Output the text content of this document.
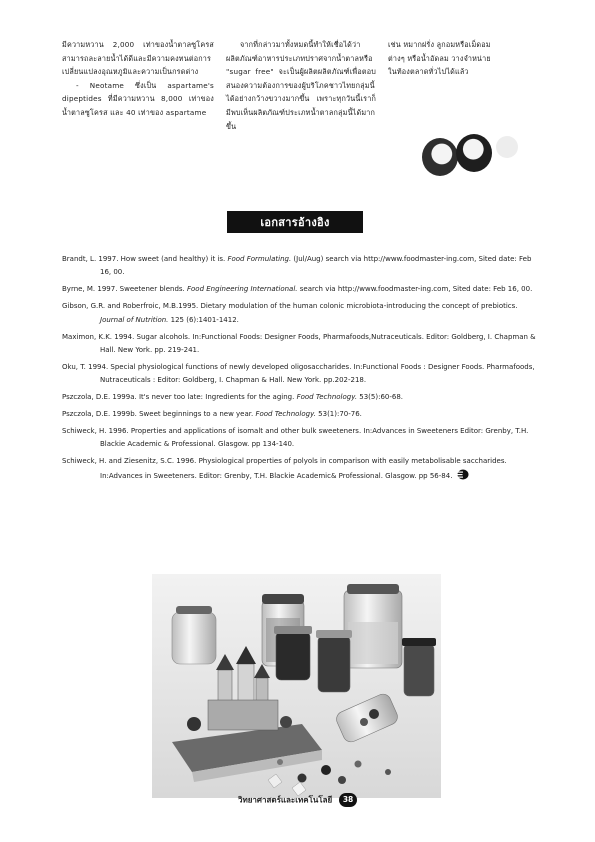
มีความหวาน 2,000 เท่าของน้ำตาลซูโครส สามารถละลายน้ำได้ดีและมีความคงทนต่อการเปลี่ยนแปลงอุณหภูมิและความเป็นกรดด่าง

- Neotame ซึ่งเป็น aspartame's dipeptides ที่มีความหวาน 8,000 เท่าของน้ำตาลซูโครส และ 40 เท่าของ aspartame

จากที่กล่าวมาทั้งหมดนี้ทำให้เชื่อได้ว่า ผลิตภัณฑ์อาหารประเภทปราศจากน้ำตาลหรือ "sugar free" จะเป็นผู้ผลิตผลิตภัณฑ์เพื่อตอบสนองความต้องการของผู้บริโภคชาวไทยกลุ่มนี้ได้อย่างกว้างขวางมากขึ้น เพราะทุกวันนี้เราก็มีพบเห็นผลิตภัณฑ์ประเภทน้ำตาลกลุ่มนี้ได้มากขึ้น

เช่น หมากฝรั่ง ลูกอมหรือเม็ดอมต่างๆ หรือน้ำอัดลม วางจำหน่ายในท้องตลาดทั่วไปได้แล้ว

เอกสารอ้างอิง

Brandt, L. 1997. How sweet (and healthy) it is. Food Formulating. (Jul/Aug) search via http://www.foodmaster-ing.com, Sited date: Feb 16, 00.

Byrne, M. 1997. Sweetener blends. Food Engineering International. search via http://www.foodmaster-ing.com, Sited date: Feb 16, 00.

Gibson, G.R. and Roberfroic, M.B.1995. Dietary modulation of the human colonic microbiota-introducing the concept of prebiotics. Journal of Nutrition. 125 (6):1401-1412.

Maximon, K.K. 1994. Sugar alcohols. In:Functional Foods: Designer Foods, Pharmafoods,Nutraceuticals. Editor: Goldberg, I. Chapman & Hall. New York. pp. 219-241.

Oku, T. 1994. Special physiological functions of newly developed oligosaccharides. In:Functional Foods : Designer Foods. Pharmafoods, Nutraceuticals : Editor: Goldberg, I. Chapman & Hall. New York. pp.202-218.

Pszczola, D.E. 1999a. It's never too late: Ingredients for the aging. Food Technology. 53(5):60-68.

Pszczola, D.E. 1999b. Sweet beginnings to a new year. Food Technology. 53(1):70-76.

Schiweck, H. 1996. Properties and applications of isomalt and other bulk sweeteners. In:Advances in Sweeteners Editor: Grenby, T.H. Blackie Academic & Professional. Glasgow. pp 134-140.

Schiweck, H. and Ziesenitz, S.C. 1996. Physiological properties of polyols in comparison with easily metabolisable saccharides. In:Advances in Sweeteners. Editor: Grenby, T.H. Blackie Academic& Professional. Glasgow. pp 56-84.

วิทยาศาสตร์และเทคโนโลยี 38
